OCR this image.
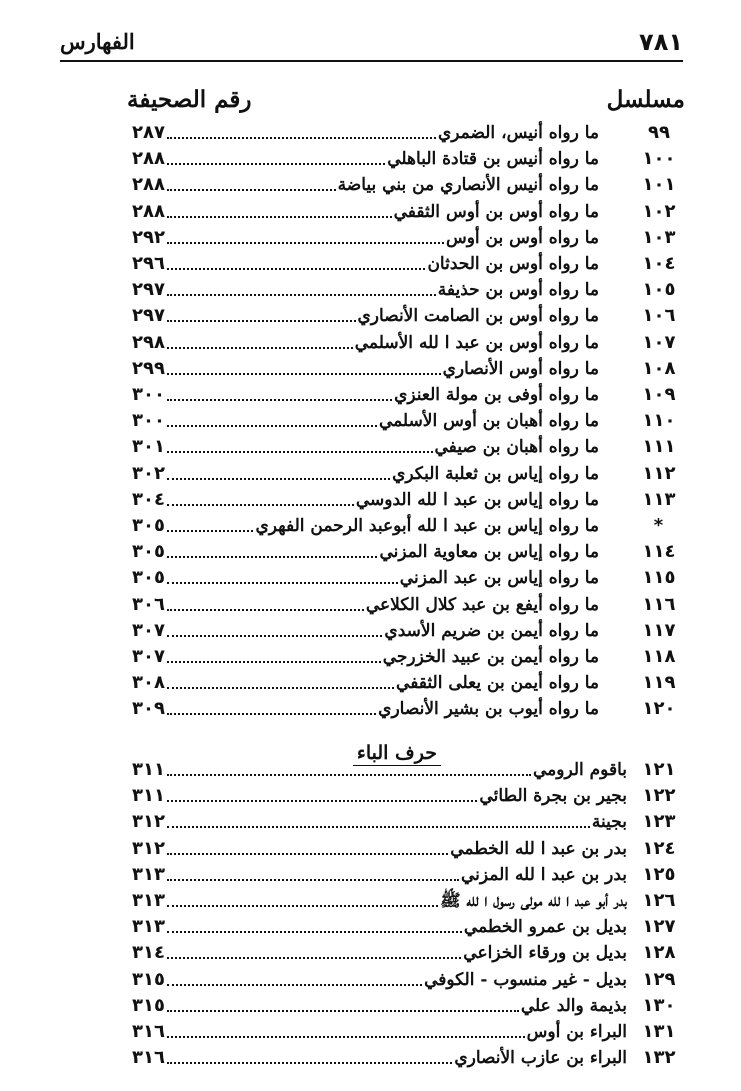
٧٨١
الفهارس
مسلسل
رقم الصحيفة
٩٩
ما رواه أنيس، الضمري
٢٨٧
١٠٠
ما رواه أنيس بن قتادة الباهلي
٢٨٨
١٠١
ما رواه أنيس الأنصاري من بني بياضة
٢٨٨
١٠٢
ما رواه أوس بن أوس الثقفي
٢٨٨
١٠٣
ما رواه أوس بن أوس
٢٩٢
١٠٤
ما رواه أوس بن الحدثان
٢٩٦
١٠٥
ما رواه أوس بن حذيفة
٢٩٧
١٠٦
ما رواه أوس بن الصامت الأنصاري
٢٩٧
١٠٧
ما رواه أوس بن عبد ا لله الأسلمي
٢٩٨
١٠٨
ما رواه أوس الأنصاري
٢٩٩
١٠٩
ما رواه أوفى بن مولة العنزي
٣٠٠
١١٠
ما رواه أهبان بن أوس الأسلمي
٣٠٠
١١١
ما رواه أهبان بن صيفي
٣٠١
١١٢
ما رواه إياس بن ثعلبة البكري
٣٠٢
١١٣
ما رواه إياس بن عبد ا لله الدوسي
٣٠٤
*
ما رواه إياس بن عبد ا لله أبوعبد الرحمن الفهري
٣٠٥
١١٤
ما رواه إياس بن معاوية المزني
٣٠٥
١١٥
ما رواه إياس بن عبد المزني
٣٠٥
١١٦
ما رواه أيفع بن عبد كلال الكلاعي
٣٠٦
١١٧
ما رواه أيمن بن ضريم الأسدي
٣٠٧
١١٨
ما رواه أيمن بن عبيد الخزرجي
٣٠٧
١١٩
ما رواه أيمن بن يعلى الثقفي
٣٠٨
١٢٠
ما رواه أيوب بن بشير الأنصاري
٣٠٩
حرف الباء
١٢١
باقوم الرومي
٣١١
١٢٢
بجير بن بجرة الطائي
٣١١
١٢٣
بجينة
٣١٢
١٢٤
بدر بن عبد ا لله الخطمي
٣١٢
١٢٥
بدر بن عبد ا لله المزني
٣١٣
١٢٦
بدر أبو عبد ا لله مولى رسول ا لله ﷺ
٣١٣
١٢٧
بديل بن عمرو الخطمي
٣١٣
١٢٨
بديل بن ورقاء الخزاعي
٣١٤
١٢٩
بديل - غير منسوب - الكوفي
٣١٥
١٣٠
بذيمة والد علي
٣١٥
١٣١
البراء بن أوس
٣١٦
١٣٢
البراء بن عازب الأنصاري
٣١٦
